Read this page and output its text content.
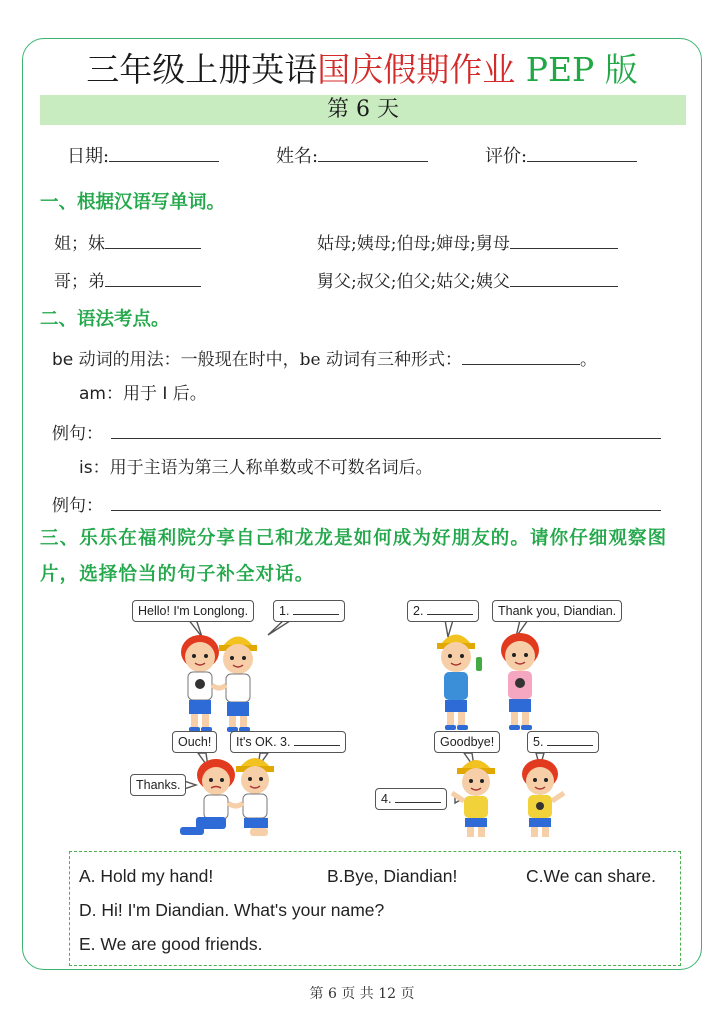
三年级上册英语国庆假期作业 PEP 版
第 6 天
日期:	姓名:	评价:
一、根据汉语写单词。
姐；妹	姑母;姨母;伯母;婶母;舅母
哥；弟	舅父;叔父;伯父;姑父;姨父
二、语法考点。
be 动词的用法：一般现在时中，be 动词有三种形式：	。
am：用于 I 后。
例句：
is：用于主语为第三人称单数或不可数名词后。
例句：
三、乐乐在福利院分享自己和龙龙是如何成为好朋友的。请你仔细观察图片，选择恰当的句子补全对话。
Hello! I'm Longlong.	1.	2.	Thank you, Diandian.
Ouch!	It's OK. 3.
Thanks.
Goodbye!	5.
4.
A. Hold my hand!	B.Bye, Diandian!	C.We can share.
D. Hi! I'm Diandian. What's your name?
E. We are good friends.
第 6 页 共 12 页
